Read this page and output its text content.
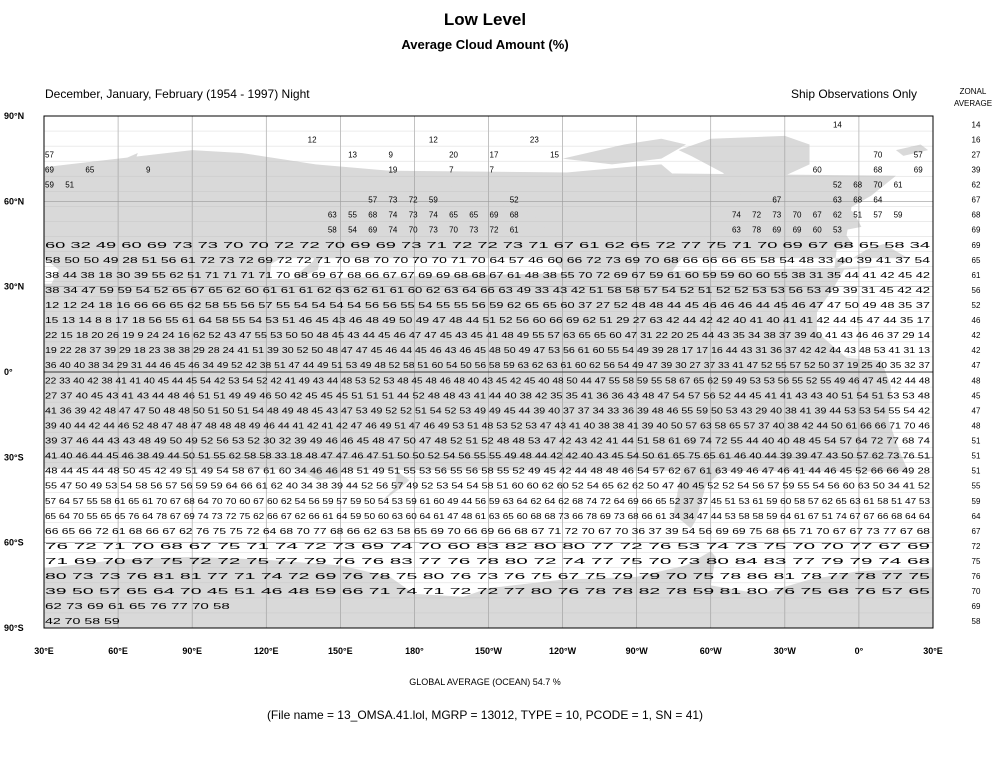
Low Level
Average Cloud Amount (%)
December, January, February (1954 - 1997) Night	Ship Observations Only	ZONAL
AVERAGE
14
12	12	23
57	13	9	20	17	15	70	57
69	65	9	19	7	7	60	68	69
59 51	52 68 70 61
57 73 72 59	52	67	63 68 64
63 55 68 74 73 74 65 65 69 68	74 72 73 70 67 62 51 57 59
58 54 69 74 70 73 70 73 72 61	63 78 69 69 60 53
60 32 49 60 69 73 73 70 70 72 72 70 69 69 73 71 72 72 73 71 67 61 62 65 72 77 75 71 70 69 67 68 65 58 34
58 50 50 49 28 51 56 61 72 73 72 69 72 72 71 70 68 70 70 70 70 71 70 64 57 46 60 66 72 73 69 70 68 66 66 66 65 58 54 48 33 40 39 41 37 54
38 44 38 18 30 39 55 62 51 71 71 71 71 70 68 69 67 68 66 67 67 69 69 68 68 67 61 48 38 55 70 72 69 67 59 61 60 59 59 60 60 55 38 31 35 44 41 42 45 42
38 34 47 59 59 54 52 65 67 65 62 60 61 61 61 62 63 62 61 61 60 62 63 64 66 63 49 33 43 42 51 58 58 57 54 52 51 52 52 53 53 56 53 49 39 31 45 42 42
12 12 24 18 16 66 66 65 62 58 55 56 57 55 54 54 54 54 56 56 55 54 55 55 56 59 62 65 65 60 37 27 52 48 48 44 45 46 46 46 44 45 46 47 47 50 49 48 35 37
15 13 14 8 8 17 18 56 55 61 64 58 55 54 53 51 46 45 43 46 48 49 50 49 47 48 44 51 52 56 60 66 69 62 51 29 27 63 42 44 42 42 40 41 40 41 41 42 44 45 47 44 35 17
22 15 18 20 26 19 9 24 24 16 62 52 43 47 55 53 50 50 48 45 43 44 45 46 47 47 45 43 45 41 48 49 55 57 63 65 65 60 47 31 22 20 25 44 43 35 34 38 37 39 40 41 43 46 46 37 29 14
19 22 28 37 39 29 18 23 38 38 29 28 24 41 51 39 30 52 50 48 47 47 45 46 44 45 46 43 46 45 48 50 49 47 53 56 61 60 55 54 49 39 28 17 17 16 44 43 31 36 37 42 42 44 43 48 53 41 31 13
36 40 40 38 34 29 31 44 46 45 46 34 49 52 42 38 51 47 44 49 51 53 49 48 52 58 51 60 54 50 56 58 59 63 62 63 61 60 62 56 54 49 47 39 30 27 37 33 41 47 52 55 57 52 50 37 19 25 40 35 32 37
22 33 40 42 38 41 41 40 45 44 45 54 42 53 54 52 42 41 49 43 44 48 53 52 53 48 45 48 46 48 40 43 45 42 45 40 48 50 44 47 55 58 59 55 58 67 65 62 59 49 53 53 56 55 52 55 49 46 47 45 42 44 48
27 37 40 45 43 41 43 44 48 46 51 51 49 49 46 50 42 45 45 45 51 51 51 44 52 48 48 43 41 44 40 38 42 35 35 41 36 36 43 48 47 54 57 56 52 44 45 41 41 43 43 40 51 54 51 53 53 48
41 36 39 42 48 47 47 50 48 48 50 51 50 51 54 48 49 48 45 43 47 53 49 52 52 51 54 52 53 49 49 45 44 39 40 37 37 34 33 36 39 48 46 55 59 50 53 43 29 40 38 41 39 44 53 53 54 55 54 42
39 40 44 42 44 46 52 48 47 48 47 48 48 48 49 46 44 41 42 41 42 47 46 49 51 47 46 49 53 51 48 53 52 53 47 43 41 40 38 38 41 39 40 50 57 63 58 65 57 37 40 38 42 44 50 61 66 66 71 70 46
39 37 46 44 43 43 48 49 50 49 52 56 53 52 30 32 39 49 46 46 45 48 47 50 47 48 52 51 52 48 48 53 47 42 43 42 41 44 51 58 61 69 74 72 55 44 40 40 48 45 54 57 64 72 77 68 74
41 40 46 44 45 46 38 49 44 50 51 55 62 58 58 33 18 48 47 47 46 47 51 50 50 52 54 56 55 55 49 48 44 42 42 40 43 45 54 50 61 65 75 65 61 46 40 44 39 39 47 43 50 57 62 73 76 51
48 44 45 44 48 50 45 42 49 51 49 54 58 67 61 60 34 46 46 48 51 49 51 55 53 56 55 56 58 55 52 49 45 42 44 48 48 46 54 57 62 67 61 63 49 46 47 46 41 44 46 45 52 66 66 49 28
55 47 50 49 53 54 58 56 57 56 59 59 64 66 61 62 40 34 38 39 44 52 56 57 49 52 53 54 54 58 51 60 60 62 60 52 54 65 62 62 50 47 40 45 52 52 54 56 57 59 55 54 56 60 63 50 34 41 52
57 64 57 55 58 61 65 61 70 67 68 64 70 70 60 67 60 62 54 56 59 57 59 50 54 53 59 61 60 49 44 56 59 63 64 62 64 62 68 74 72 64 69 66 65 52 37 37 45 51 53 61 59 60 58 57 62 65 63 61 58 51 47 53
65 64 70 55 65 65 76 64 78 67 69 74 73 72 75 62 66 67 62 66 61 64 59 50 60 63 60 64 61 47 48 61 63 65 60 68 68 73 66 78 69 73 68 66 61 34 34 47 44 53 58 58 59 64 61 67 51 74 67 67 66 68 64 64
66 65 66 72 61 68 66 67 62 76 75 75 72 64 68 70 77 68 66 62 63 58 65 69 70 66 69 66 68 67 71 72 70 67 70 36 37 39 54 56 69 69 75 68 65 71 70 67 67 73 77 67 68
76 72 71 70 68 67 75 71 74 72 73 69 74 70 60 83 82 80 80 77 72 76 53 74 73 75 70 70 77 67 69
71 69 70 67 75 72 72 75 77 79 76 76 83 77 76 78 80 72 74 77 75 70 73 80 84 83 77 79 79 74 68
80 73 73 76 81 81 77 71 74 72 69 76 78 75 80 76 73 76 75 67 75 79 79 70 75 78 86 81 78 77 78 77 75
39 50 57 65 64 70 45 51 46 48 59 66 71 74 71 72 72 77 80 76 78 78 82 78 59 81 80 76 75 68 76 57 65
62 73 69 61 65 76 77 70 58
42 70 58 59
14
16
27
39
62
67
68
69
69
65
61
56
52
46
42
42
47
48
45
47
48
51
51
51
55
59
64
67
72
75
76
70
69
58
90°N
60°N
30°N
0°
30°S
60°S
90°S
30°E	60°E	90°E	120°E	150°E	180°	150°W	120°W	90°W	60°W	30°W	0°	30°E
GLOBAL AVERAGE (OCEAN) 54.7 %
(File name = 13_OMSA.41.lol, MGRP = 13012, TYPE = 10, PCODE = 1, SN = 41)
